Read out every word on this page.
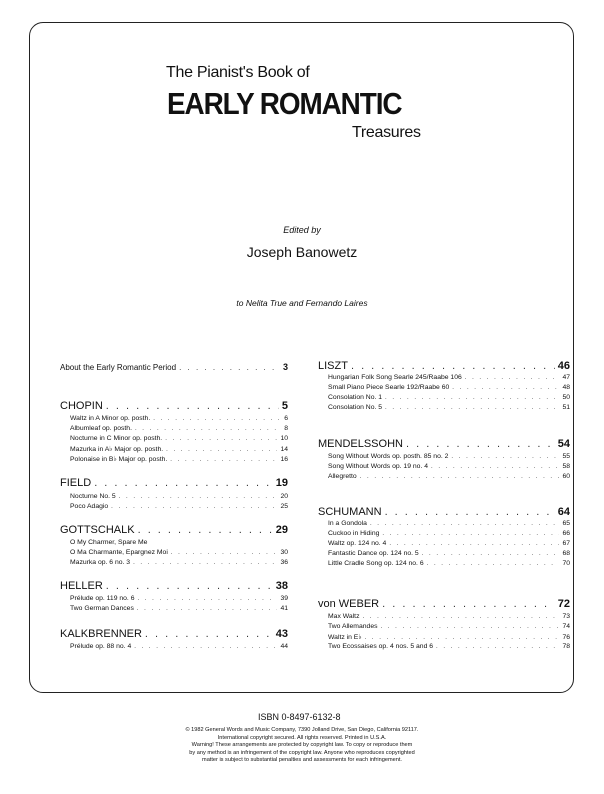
The Pianist's Book of
EARLY ROMANTIC
Treasures
Edited by
Joseph Banowetz
to Nelita True and Fernando Laires
About the Early Romantic Period . . .	3
CHOPIN . . .	5
Waltz in A Minor op. posth. . . .	6
Albumleaf op. posth. . . .	8
Nocturne in C Minor op. posth. . . .	10
Mazurka in A♭ Major op. posth. . . .	14
Polonaise in B♭ Major op. posth. . . .	16
FIELD . . .	19
Nocturne No. 5 . . .	20
Poco Adagio . . .	25
GOTTSCHALK . . .	29
O My Charmer, Spare Me
O Ma Charmante, Epargnez Moi . . .	30
Mazurka op. 6 no. 3 . . .	36
HELLER . . .	38
Prélude op. 119 no. 6 . . .	39
Two German Dances . . .	41
KALKBRENNER . . .	43
Prélude op. 88 no. 4 . . .	44
LISZT . . .	46
Hungarian Folk Song Searle 245/Raabe 106 . . .	47
Small Piano Piece Searle 192/Raabe 60 . . .	48
Consolation No. 1 . . .	50
Consolation No. 5 . . .	51
MENDELSSOHN . . .	54
Song Without Words op. posth. 85 no. 2 . . .	55
Song Without Words op. 19 no. 4 . . .	58
Allegretto . . .	60
SCHUMANN . . .	64
In a Gondola . . .	65
Cuckoo in Hiding . . .	66
Waltz op. 124 no. 4 . . .	67
Fantastic Dance op. 124 no. 5 . . .	68
Little Cradle Song op. 124 no. 6 . . .	70
von WEBER . . .	72
Max Waltz . . .	73
Two Allemandes . . .	74
Waltz in E♭ . . .	76
Two Ecossaises op. 4 nos. 5 and 6 . . .	78
ISBN 0-8497-6132-8
© 1982 General Words and Music Company, 7390 Jolland Drive, San Diego, California 92117.
International copyright secured. All rights reserved. Printed in U.S.A.
Warning! These arrangements are protected by copyright law. To copy or reproduce them
by any method is an infringement of the copyright law. Anyone who reproduces copyrighted
matter is subject to substantial penalties and assessments for each infringement.
